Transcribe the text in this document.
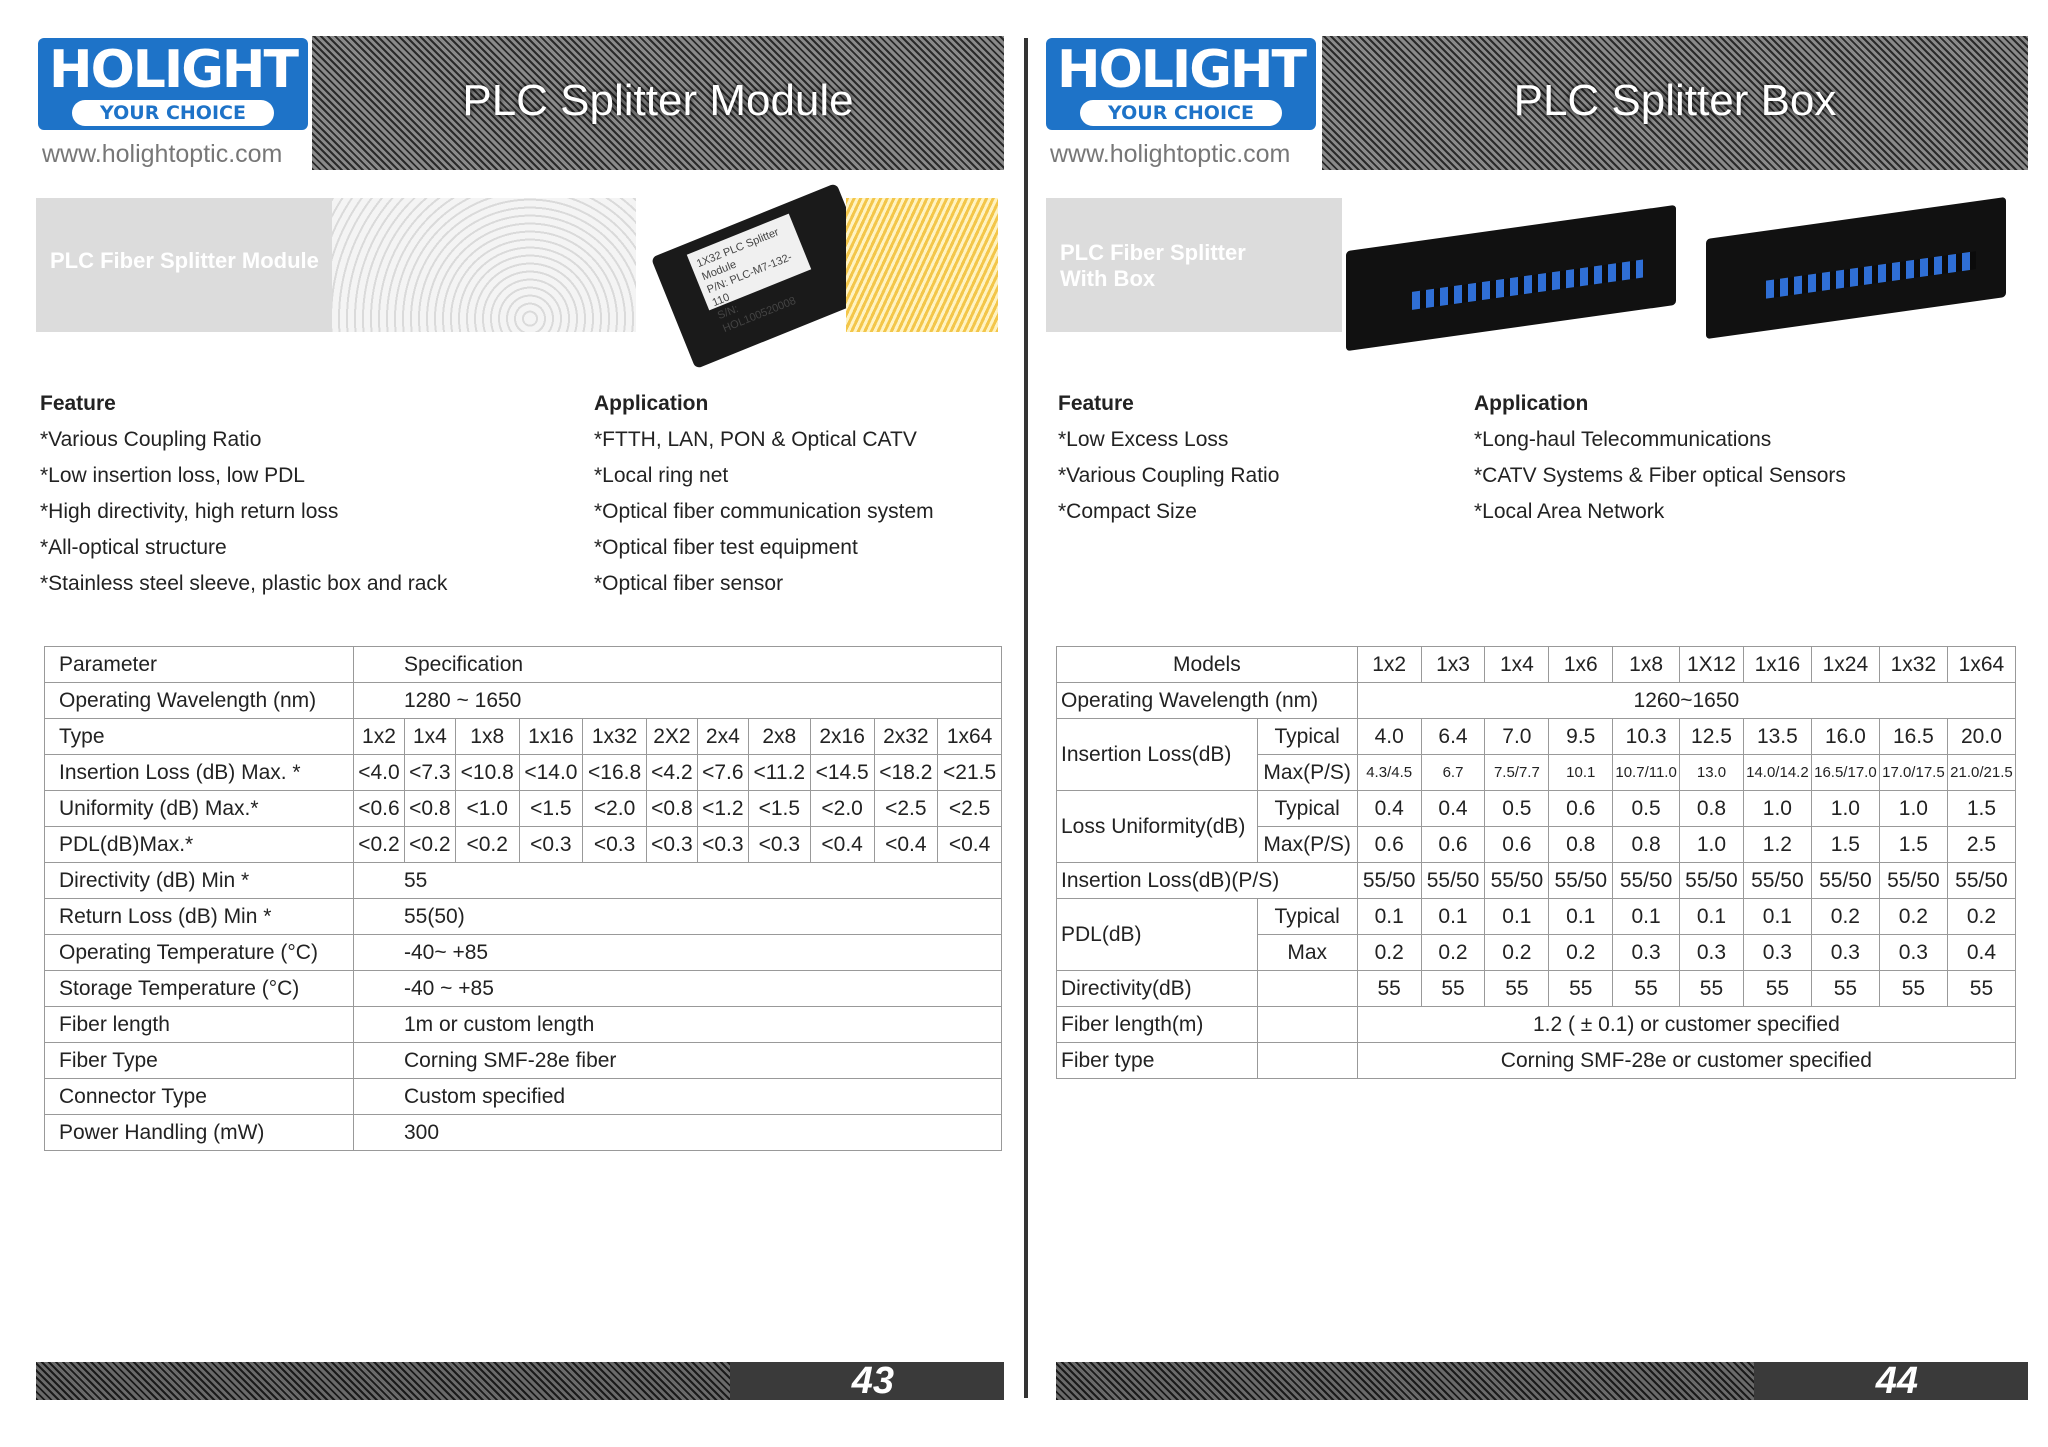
HOLIGHT
YOUR CHOICE
www.holightoptic.com
PLC Splitter Module
PLC Fiber Splitter Module	1X32 PLC Splitter Module
P/N: PLC-M7-132-110
S/N: HOL100520008
Feature
*Various Coupling Ratio
*Low insertion loss, low PDL
*High directivity, high return loss
*All-optical structure
*Stainless steel sleeve, plastic box and rack
Application
*FTTH, LAN, PON & Optical CATV
*Local ring net
*Optical fiber communication system
*Optical fiber test equipment
*Optical fiber sensor
Parameter	Specification										
Operating Wavelength (nm)	1280 ~ 1650										
Type	1x2	1x4	1x8	1x16	1x32	2X2	2x4	2x8	2x16	2x32	1x64
Insertion Loss (dB) Max. *	<4.0	<7.3	<10.8	<14.0	<16.8	<4.2	<7.6	<11.2	<14.5	<18.2	<21.5
Uniformity (dB) Max.*	<0.6	<0.8	<1.0	<1.5	<2.0	<0.8	<1.2	<1.5	<2.0	<2.5	<2.5
PDL(dB)Max.*	<0.2	<0.2	<0.2	<0.3	<0.3	<0.3	<0.3	<0.3	<0.4	<0.4	<0.4
Directivity (dB) Min *	55										
Return Loss (dB) Min *	55(50)										
Operating Temperature (°C)	-40~ +85										
Storage Temperature (°C)	-40 ~ +85										
Fiber length	1m or custom length										
Fiber Type	Corning SMF-28e fiber										
Connector Type	Custom specified										
Power Handling (mW)	300										
43
HOLIGHT
YOUR CHOICE
www.holightoptic.com
PLC Splitter Box
PLC Fiber Splitter With Box
Feature
*Low Excess Loss
*Various Coupling Ratio
*Compact Size
Application
*Long-haul Telecommunications
*CATV Systems & Fiber optical Sensors
*Local Area Network
Models		1x2	1x3	1x4	1x6	1x8	1X12	1x16	1x24	1x32	1x64
Operating Wavelength (nm)		1260~1650									
Insertion Loss(dB)	Typical	4.0	6.4	7.0	9.5	10.3	12.5	13.5	16.0	16.5	20.0
	Max(P/S)	4.3/4.5	6.7	7.5/7.7	10.1	10.7/11.0	13.0	14.0/14.2	16.5/17.0	17.0/17.5	21.0/21.5
Loss Uniformity(dB)	Typical	0.4	0.4	0.5	0.6	0.5	0.8	1.0	1.0	1.0	1.5
	Max(P/S)	0.6	0.6	0.6	0.8	0.8	1.0	1.2	1.5	1.5	2.5
Insertion Loss(dB)(P/S)		55/50	55/50	55/50	55/50	55/50	55/50	55/50	55/50	55/50	55/50
PDL(dB)	Typical	0.1	0.1	0.1	0.1	0.1	0.1	0.1	0.2	0.2	0.2
	Max	0.2	0.2	0.2	0.2	0.3	0.3	0.3	0.3	0.3	0.4
Directivity(dB)		55	55	55	55	55	55	55	55	55	55
Fiber length(m)		1.2 ( ± 0.1) or customer specified									
Fiber type		Corning SMF-28e or customer specified									
44
